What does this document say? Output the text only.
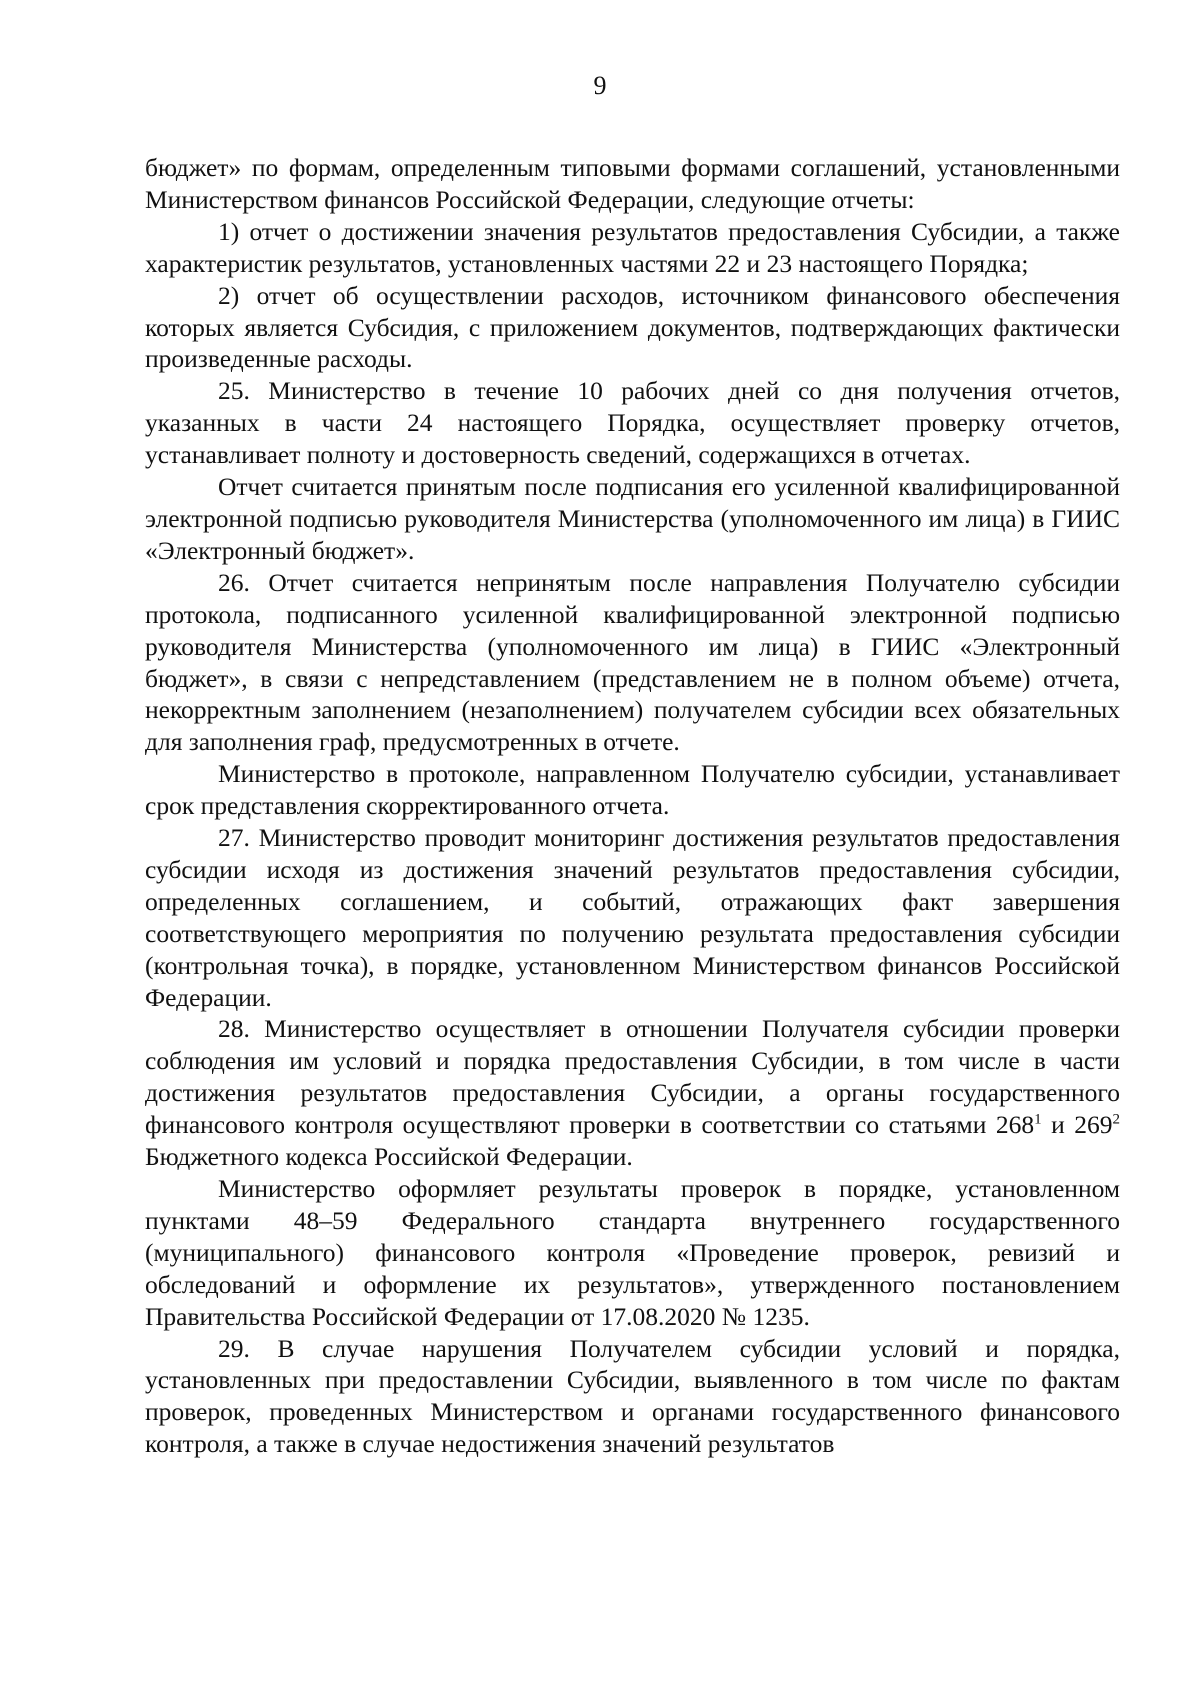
9

бюджет» по формам, определенным типовыми формами соглашений, установленными Министерством финансов Российской Федерации, следующие отчеты:

1) отчет о достижении значения результатов предоставления Субсидии, а также характеристик результатов, установленных частями 22 и 23 настоящего Порядка;

2) отчет об осуществлении расходов, источником финансового обеспечения которых является Субсидия, с приложением документов, подтверждающих фактически произведенные расходы.

25. Министерство в течение 10 рабочих дней со дня получения отчетов, указанных в части 24 настоящего Порядка, осуществляет проверку отчетов, устанавливает полноту и достоверность сведений, содержащихся в отчетах.

Отчет считается принятым после подписания его усиленной квалифицированной электронной подписью руководителя Министерства (уполномоченного им лица) в ГИИС «Электронный бюджет».

26. Отчет считается непринятым после направления Получателю субсидии протокола, подписанного усиленной квалифицированной электронной подписью руководителя Министерства (уполномоченного им лица) в ГИИС «Электронный бюджет», в связи с непредставлением (представлением не в полном объеме) отчета, некорректным заполнением (незаполнением) получателем субсидии всех обязательных для заполнения граф, предусмотренных в отчете.

Министерство в протоколе, направленном Получателю субсидии, устанавливает срок представления скорректированного отчета.

27. Министерство проводит мониторинг достижения результатов предоставления субсидии исходя из достижения значений результатов предоставления субсидии, определенных соглашением, и событий, отражающих факт завершения соответствующего мероприятия по получению результата предоставления субсидии (контрольная точка), в порядке, установленном Министерством финансов Российской Федерации.

28. Министерство осуществляет в отношении Получателя субсидии проверки соблюдения им условий и порядка предоставления Субсидии, в том числе в части достижения результатов предоставления Субсидии, а органы государственного финансового контроля осуществляют проверки в соответствии со статьями $268^1$ и $269^2$ Бюджетного кодекса Российской Федерации.

Министерство оформляет результаты проверок в порядке, установленном пунктами 48–59 Федерального стандарта внутреннего государственного (муниципального) финансового контроля «Проведение проверок, ревизий и обследований и оформление их результатов», утвержденного постановлением Правительства Российской Федерации от 17.08.2020 № 1235.

29. В случае нарушения Получателем субсидии условий и порядка, установленных при предоставлении Субсидии, выявленного в том числе по фактам проверок, проведенных Министерством и органами государственного финансового контроля, а также в случае недостижения значений результатов
